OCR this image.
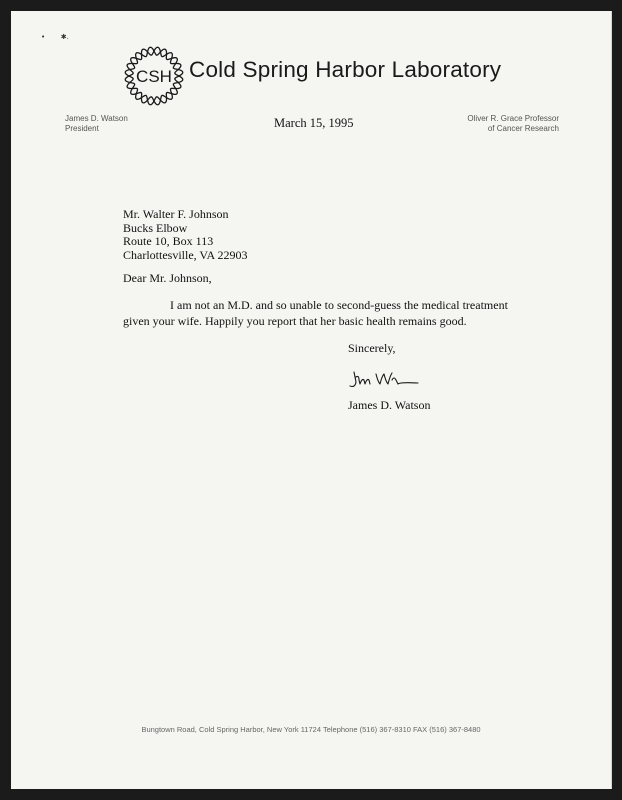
•       ✱.
CSH Cold Spring Harbor Laboratory
James D. Watson
President
Oliver R. Grace Professor
of Cancer Research
March 15, 1995
Mr. Walter F. Johnson
Bucks Elbow
Route 10, Box 113
Charlottesville, VA 22903
Dear Mr. Johnson,
I am not an M.D. and so unable to second-guess the medical treatment
given your wife. Happily you report that her basic health remains good.
Sincerely,
James D. Watson
Bungtown Road, Cold Spring Harbor, New York 11724 Telephone (516) 367-8310 FAX (516) 367-8480
